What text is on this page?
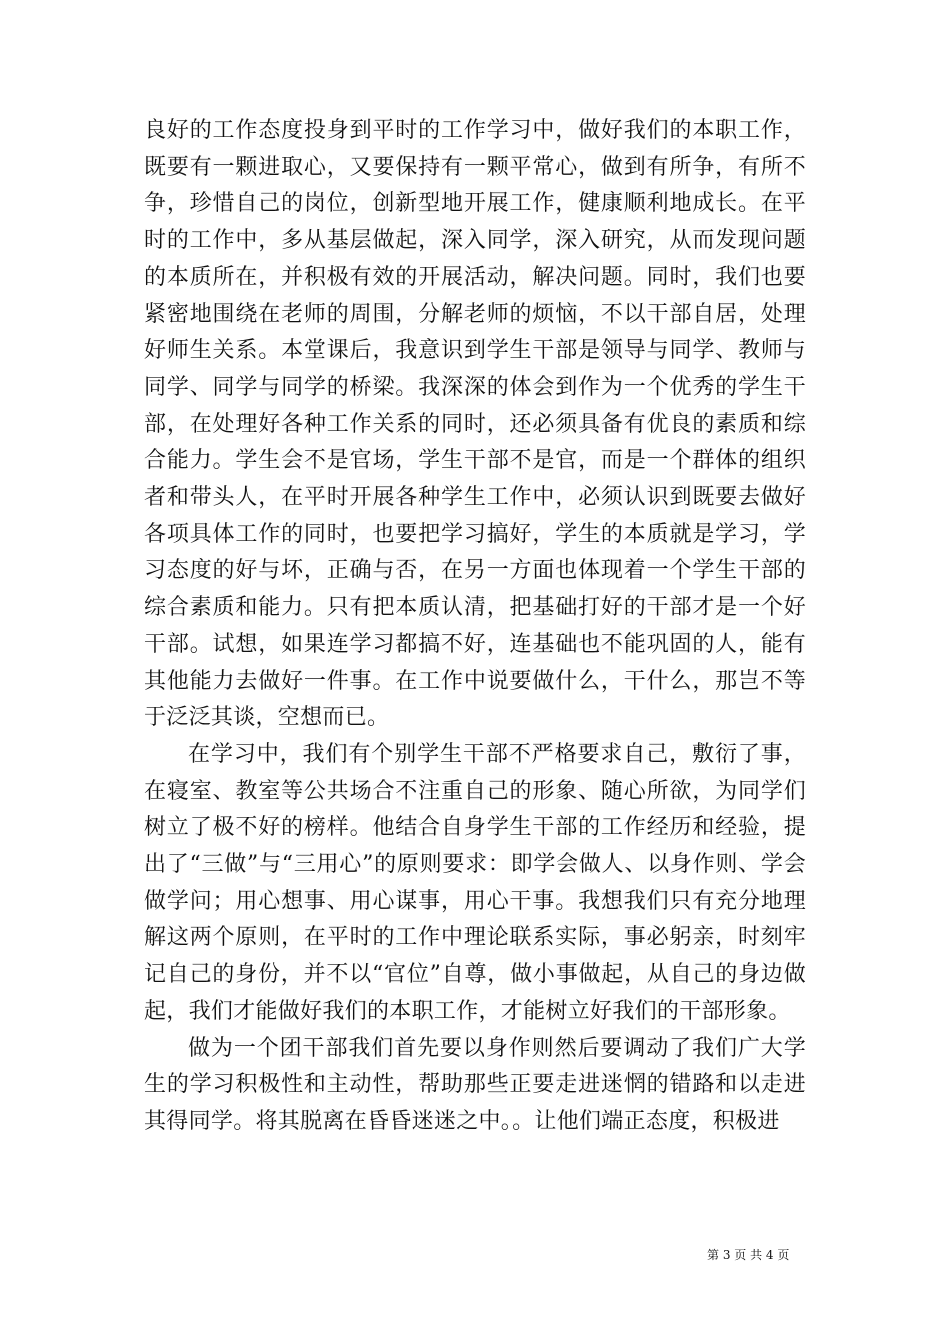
良好的工作态度投身到平时的工作学习中，做好我们的本职工作，既要有一颗进取心，又要保持有一颗平常心，做到有所争，有所不争，珍惜自己的岗位，创新型地开展工作，健康顺利地成长。在平时的工作中，多从基层做起，深入同学，深入研究，从而发现问题的本质所在，并积极有效的开展活动，解决问题。同时，我们也要紧密地围绕在老师的周围，分解老师的烦恼，不以干部自居，处理好师生关系。本堂课后，我意识到学生干部是领导与同学、教师与同学、同学与同学的桥梁。我深深的体会到作为一个优秀的学生干部，在处理好各种工作关系的同时，还必须具备有优良的素质和综合能力。学生会不是官场，学生干部不是官，而是一个群体的组织者和带头人，在平时开展各种学生工作中，必须认识到既要去做好各项具体工作的同时，也要把学习搞好，学生的本质就是学习，学习态度的好与坏，正确与否，在另一方面也体现着一个学生干部的综合素质和能力。只有把本质认清，把基础打好的干部才是一个好干部。试想，如果连学习都搞不好，连基础也不能巩固的人，能有其他能力去做好一件事。在工作中说要做什么，干什么，那岂不等于泛泛其谈，空想而已。

在学习中，我们有个别学生干部不严格要求自己，敷衍了事，在寝室、教室等公共场合不注重自己的形象、随心所欲，为同学们树立了极不好的榜样。他结合自身学生干部的工作经历和经验，提出了“三做”与“三用心”的原则要求：即学会做人、以身作则、学会做学问；用心想事、用心谋事，用心干事。我想我们只有充分地理解这两个原则，在平时的工作中理论联系实际，事必躬亲，时刻牢记自己的身份，并不以“官位”自尊，做小事做起，从自己的身边做起，我们才能做好我们的本职工作，才能树立好我们的干部形象。

做为一个团干部我们首先要以身作则然后要调动了我们广大学生的学习积极性和主动性，帮助那些正要走进迷惘的错路和以走进其得同学。将其脱离在昏昏迷迷之中。。让他们端正态度，积极进

第 3 页 共 4 页
